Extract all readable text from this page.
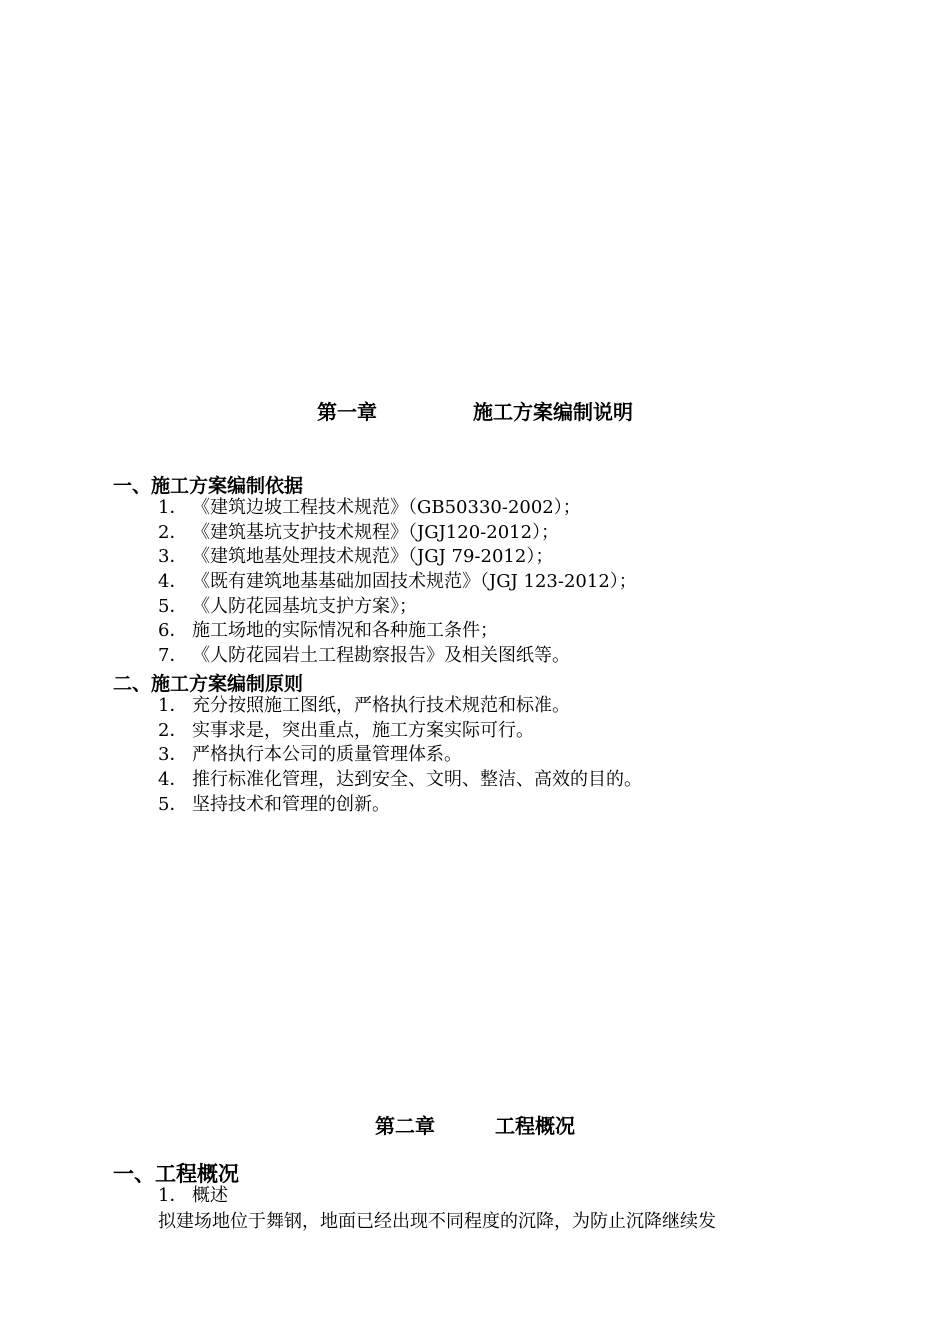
第一章	施工方案编制说明
一、施工方案编制依据
1． 《建筑边坡工程技术规范》（GB50330-2002）；
2． 《建筑基坑支护技术规程》（JGJ120-2012）；
3． 《建筑地基处理技术规范》（JGJ 79-2012）；
4． 《既有建筑地基基础加固技术规范》（JGJ 123-2012）；
5． 《人防花园基坑支护方案》；
6． 施工场地的实际情况和各种施工条件；
7． 《人防花园岩土工程勘察报告》及相关图纸等。
二、施工方案编制原则
1． 充分按照施工图纸，严格执行技术规范和标准。
2． 实事求是，突出重点，施工方案实际可行。
3． 严格执行本公司的质量管理体系。
4． 推行标准化管理，达到安全、文明、整洁、高效的目的。
5． 坚持技术和管理的创新。
第二章	工程概况
一、工程概况
1． 概述
拟建场地位于舞钢，地面已经出现不同程度的沉降，为防止沉降继续发
